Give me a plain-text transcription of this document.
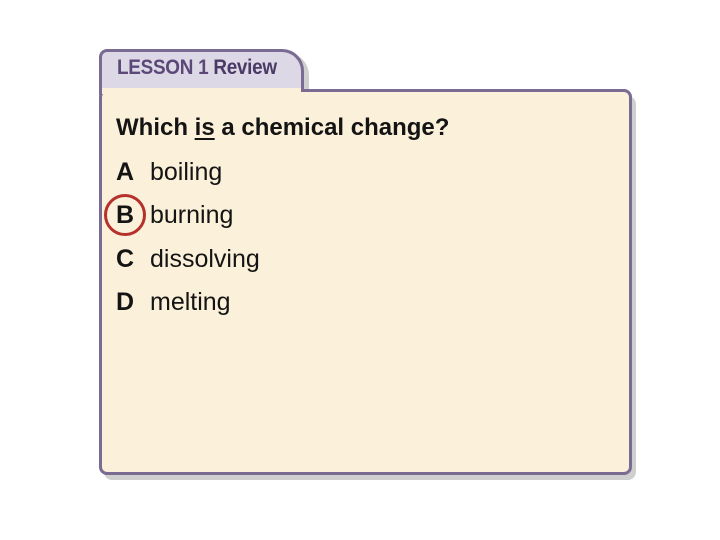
LESSON 1 Review
Which is a chemical change?
A boiling
B burning
C dissolving
D melting
